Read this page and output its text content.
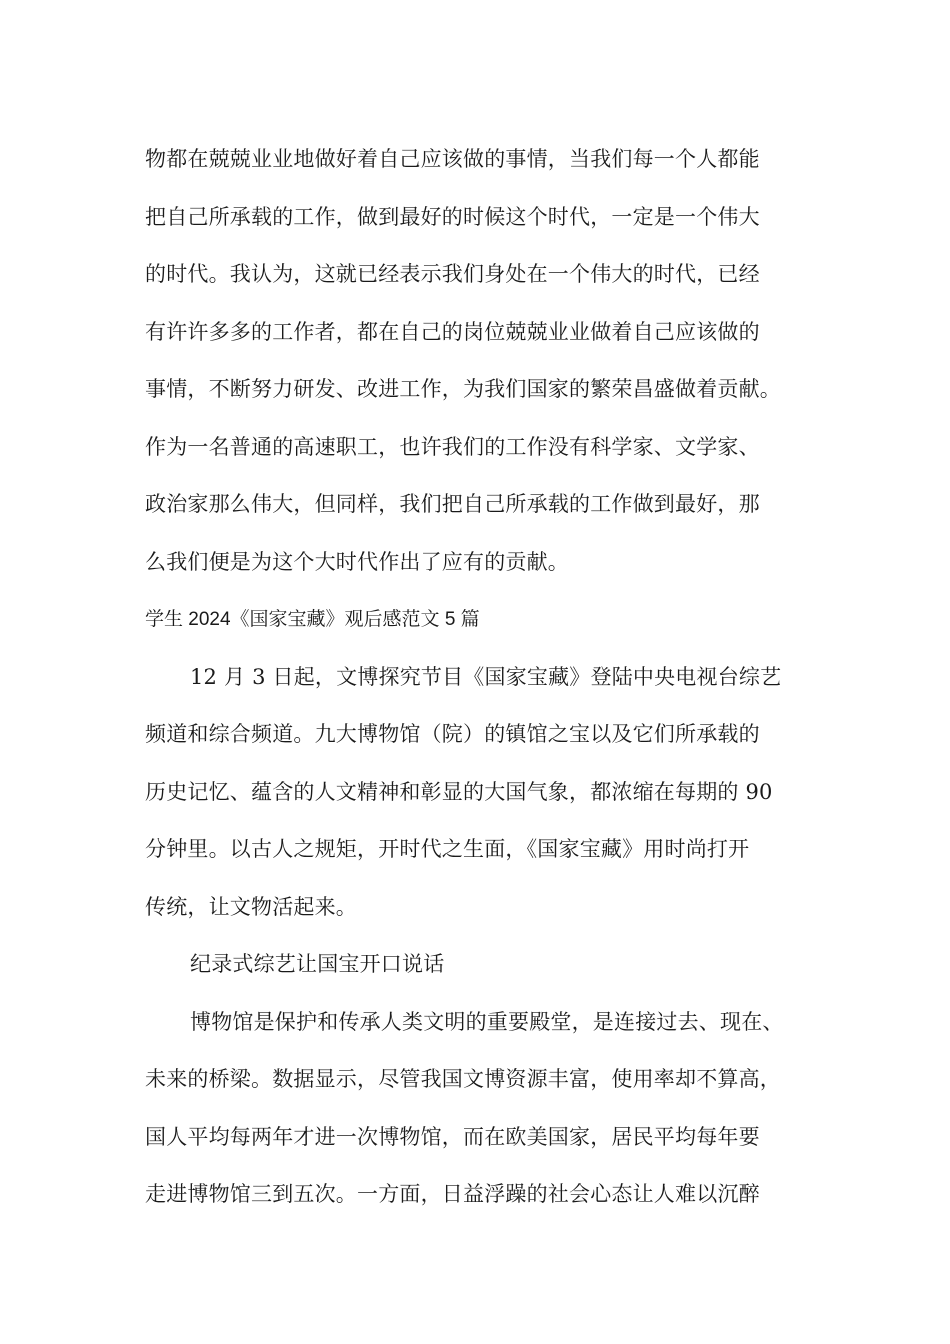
物都在兢兢业业地做好着自己应该做的事情，当我们每一个人都能
把自己所承载的工作，做到最好的时候这个时代，一定是一个伟大
的时代。我认为，这就已经表示我们身处在一个伟大的时代，已经
有许许多多的工作者，都在自己的岗位兢兢业业做着自己应该做的
事情，不断努力研发、改进工作，为我们国家的繁荣昌盛做着贡献。
作为一名普通的高速职工，也许我们的工作没有科学家、文学家、
政治家那么伟大，但同样，我们把自己所承载的工作做到最好，那
么我们便是为这个大时代作出了应有的贡献。
学生 2024《国家宝藏》观后感范文 5 篇
12 月 3 日起，文博探究节目《国家宝藏》登陆中央电视台综艺
频道和综合频道。九大博物馆（院）的镇馆之宝以及它们所承载的
历史记忆、蕴含的人文精神和彰显的大国气象，都浓缩在每期的 90
分钟里。以古人之规矩，开时代之生面，《国家宝藏》用时尚打开
传统，让文物活起来。
纪录式综艺让国宝开口说话
博物馆是保护和传承人类文明的重要殿堂，是连接过去、现在、
未来的桥梁。数据显示，尽管我国文博资源丰富，使用率却不算高，
国人平均每两年才进一次博物馆，而在欧美国家，居民平均每年要
走进博物馆三到五次。一方面，日益浮躁的社会心态让人难以沉醉
